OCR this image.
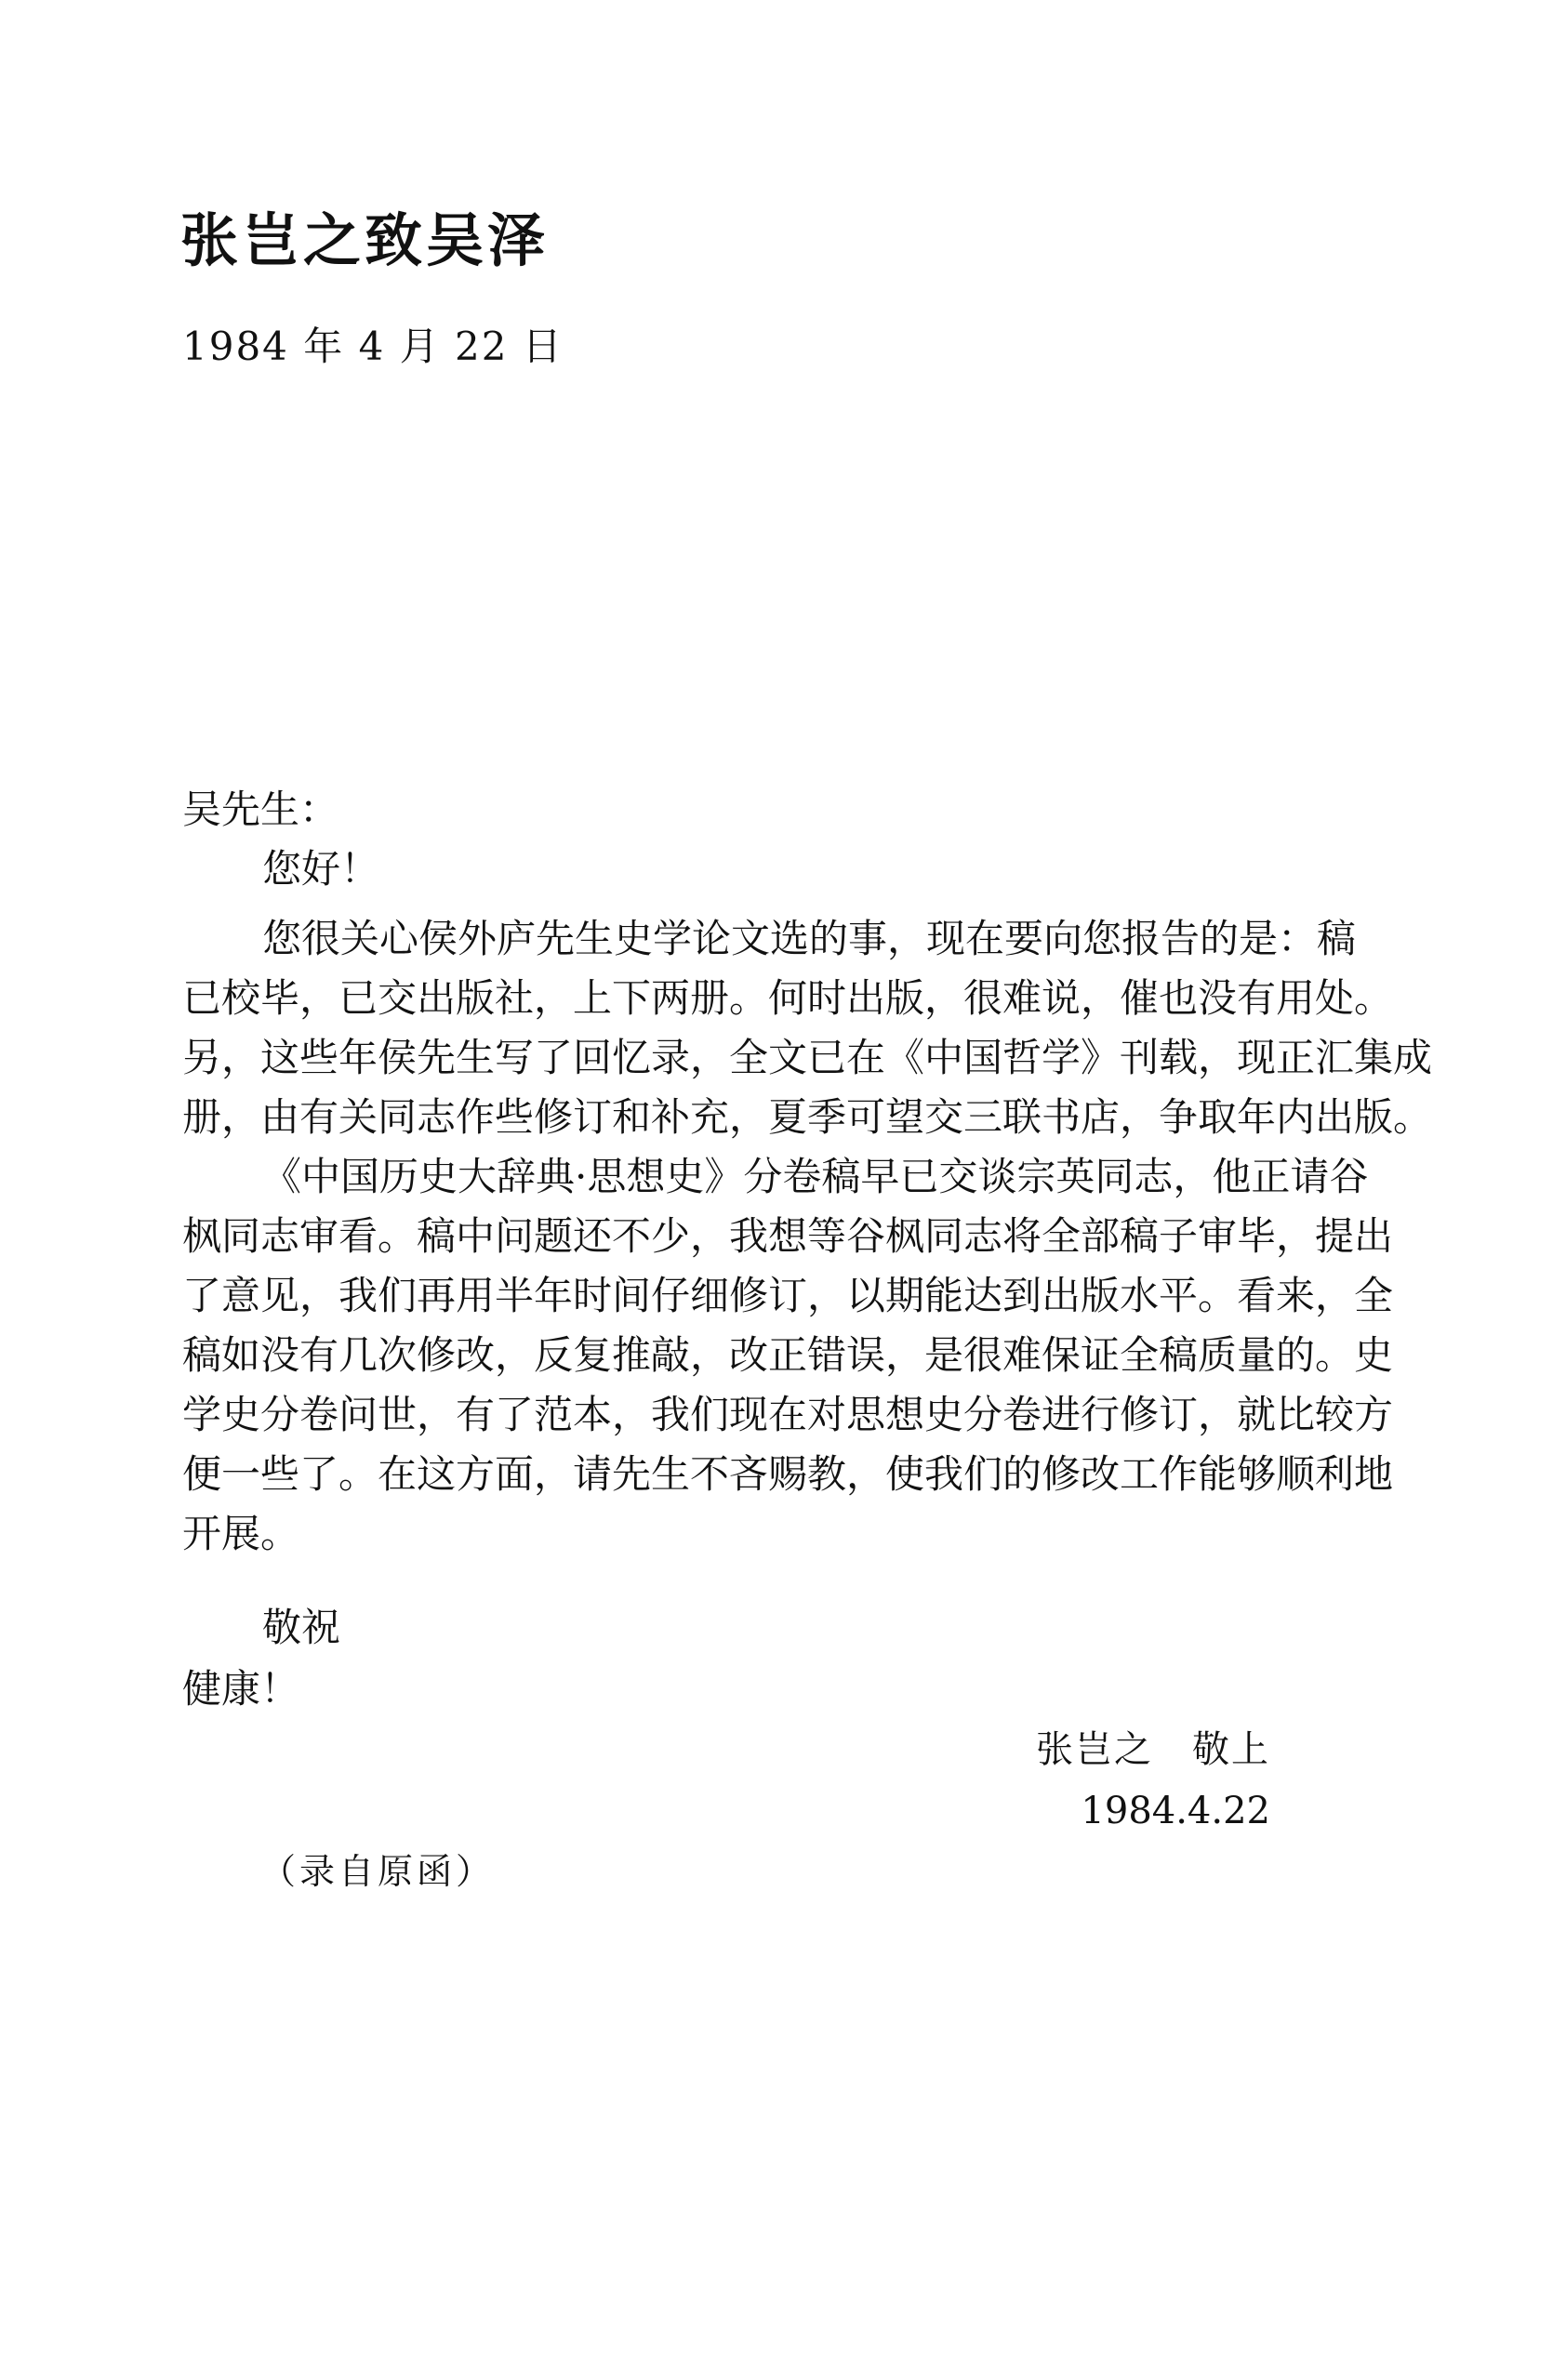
张岂之致吴泽
1984 年 4 月 22 日
吴先生：
您好！
您很关心侯外庐先生史学论文选的事，现在要向您报告的是：稿
已校毕，已交出版社，上下两册。何时出版，很难说，催也没有用处。
另，这些年侯先生写了回忆录，全文已在《中国哲学》刊载，现正汇集成
册，由有关同志作些修订和补充，夏季可望交三联书店，争取年内出版。
《中国历史大辞典·思想史》分卷稿早已交谈宗英同志，他正请谷
枫同志审看。稿中问题还不少，我想等谷枫同志将全部稿子审毕，提出
了意见，我们再用半年时间仔细修订，以期能达到出版水平。看来，全
稿如没有几次修改，反复推敲，改正错误，是很难保证全稿质量的。史
学史分卷问世，有了范本，我们现在对思想史分卷进行修订，就比较方
便一些了。在这方面，请先生不吝赐教，使我们的修改工作能够顺利地
开展。
敬祝
健康！
张岂之　敬上
1984.4.22
（录自原函）
